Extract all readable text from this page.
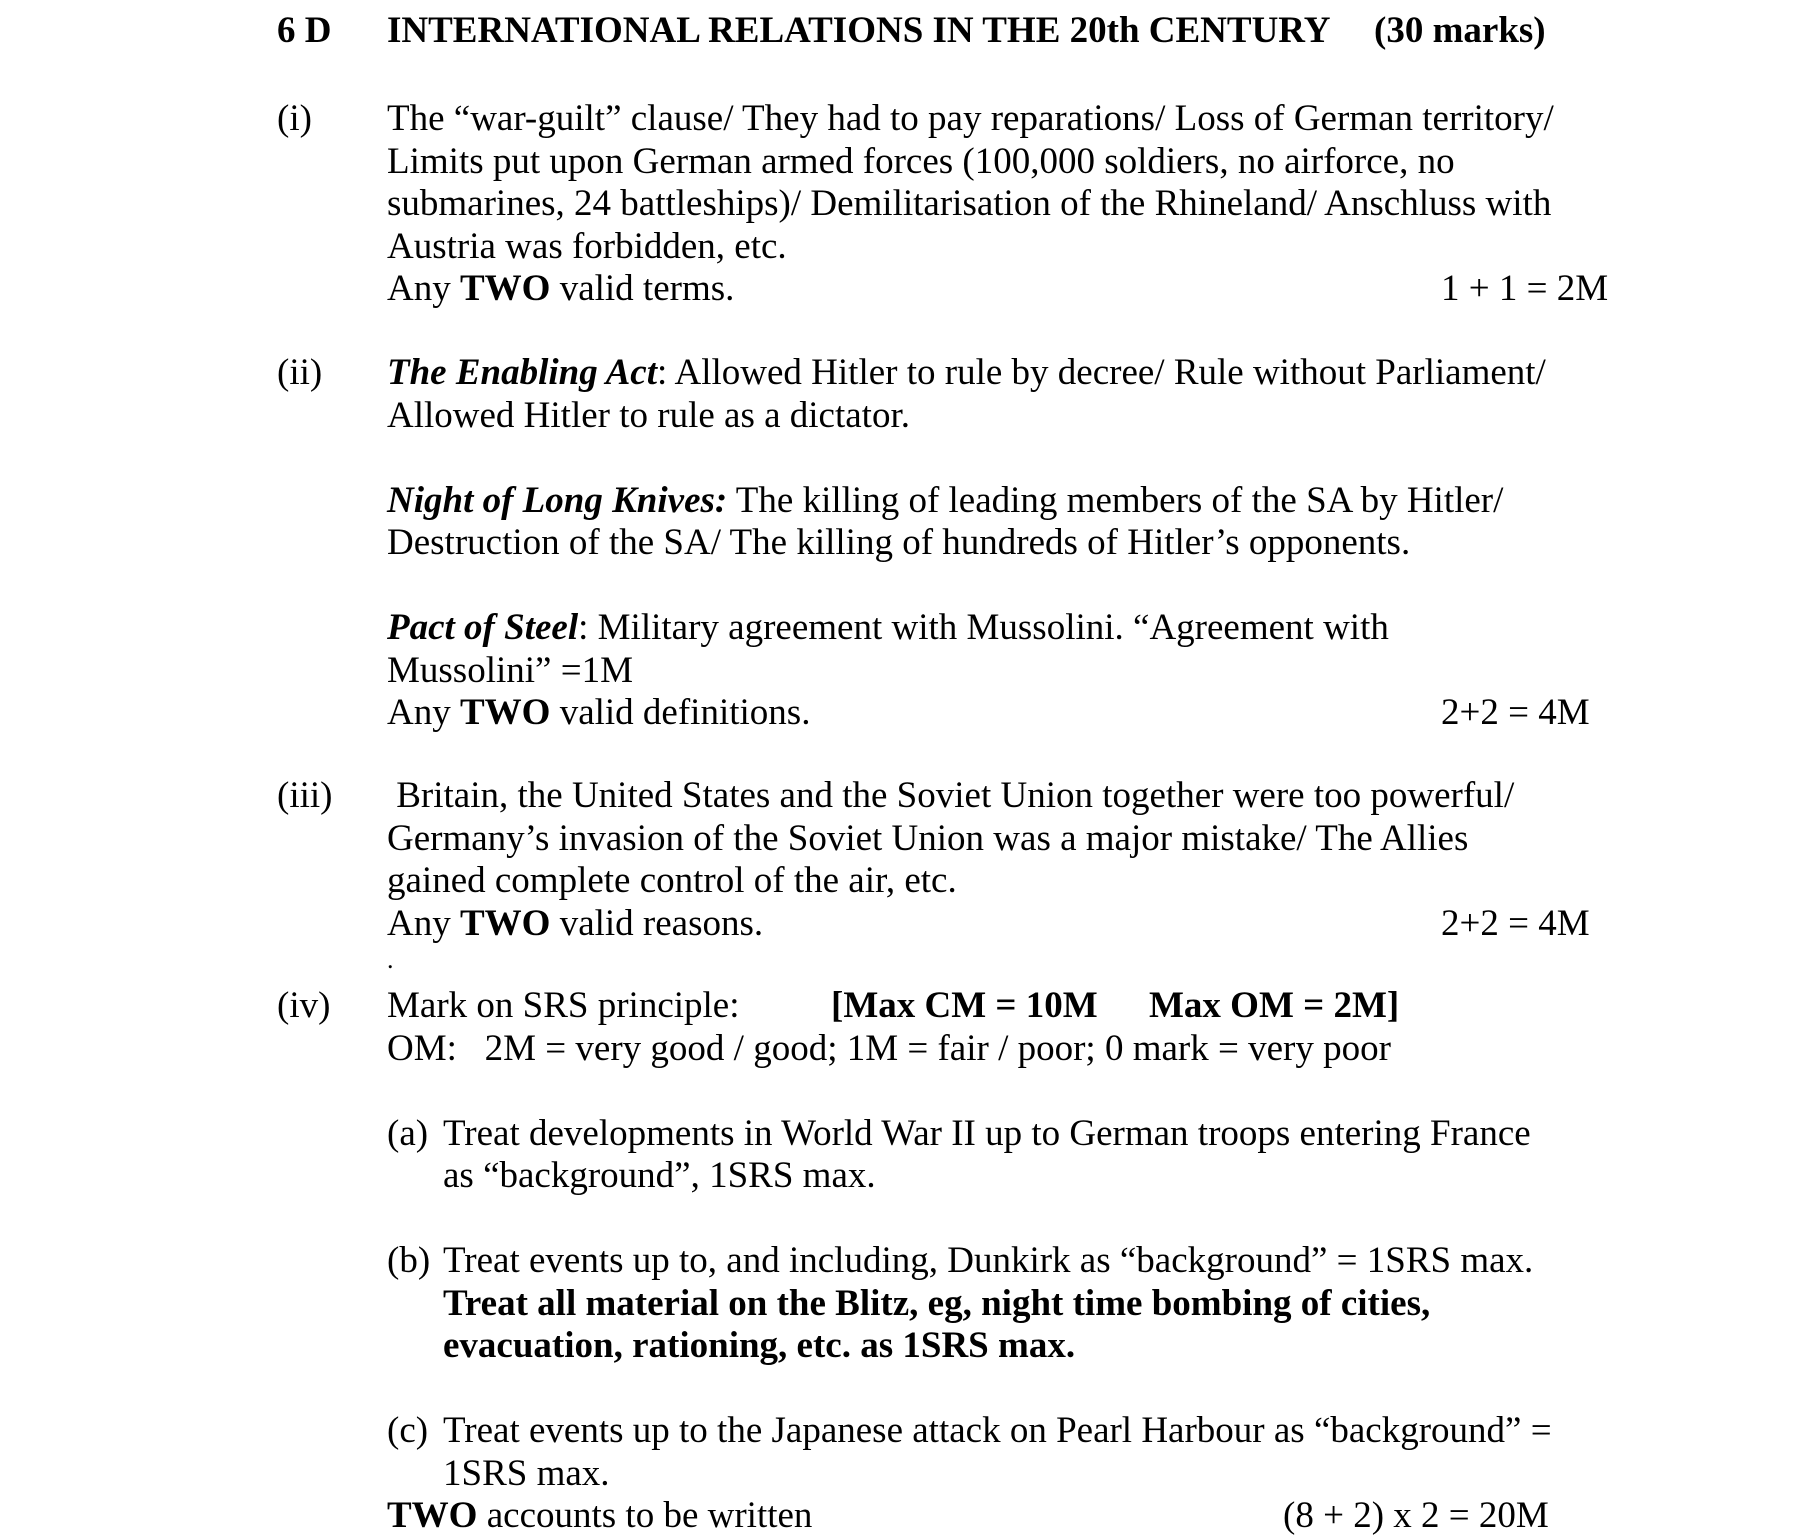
6 D INTERNATIONAL RELATIONS IN THE 20th CENTURY (30 marks)
(i) The “war-guilt” clause/ They had to pay reparations/ Loss of German territory/
Limits put upon German armed forces (100,000 soldiers, no airforce, no
submarines, 24 battleships)/ Demilitarisation of the Rhineland/ Anschluss with
Austria was forbidden, etc.
Any TWO valid terms.	1 + 1 = 2M
(ii) The Enabling Act: Allowed Hitler to rule by decree/ Rule without Parliament/
Allowed Hitler to rule as a dictator.
Night of Long Knives: The killing of leading members of the SA by Hitler/
Destruction of the SA/ The killing of hundreds of Hitler’s opponents.
Pact of Steel: Military agreement with Mussolini. “Agreement with
Mussolini” =1M
Any TWO valid definitions.	2+2 = 4M
(iii) Britain, the United States and the Soviet Union together were too powerful/
Germany’s invasion of the Soviet Union was a major mistake/ The Allies
gained complete control of the air, etc.
Any TWO valid reasons.	2+2 = 4M
.
(iv) Mark on SRS principle: [Max CM = 10M Max OM = 2M]
OM:   2M = very good / good; 1M = fair / poor; 0 mark = very poor
(a) Treat developments in World War II up to German troops entering France
as “background”, 1SRS max.
(b) Treat events up to, and including, Dunkirk as “background” = 1SRS max.
Treat all material on the Blitz, eg, night time bombing of cities,
evacuation, rationing, etc. as 1SRS max.
(c) Treat events up to the Japanese attack on Pearl Harbour as “background” =
1SRS max.
TWO accounts to be written	(8 + 2) x 2 = 20M
